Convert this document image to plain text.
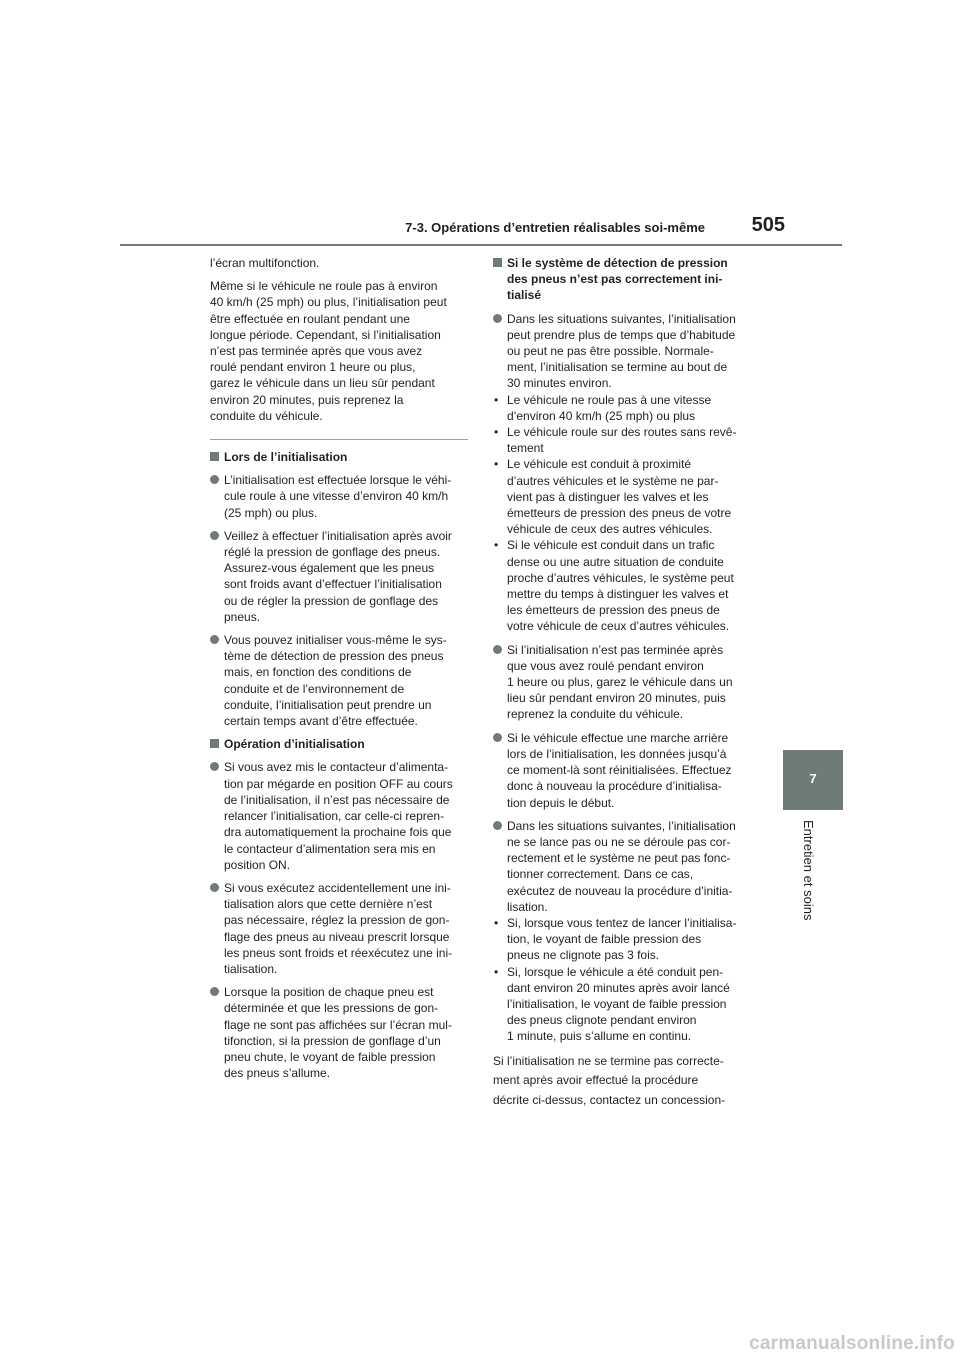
7-3. Opérations d’entretien réalisables soi-même	505
7
Entretien et soins

l’écran multifonction.

Même si le véhicule ne roule pas à environ
40 km/h (25 mph) ou plus, l’initialisation peut
être effectuée en roulant pendant une
longue période. Cependant, si l’initialisation
n’est pas terminée après que vous avez
roulé pendant environ 1 heure ou plus,
garez le véhicule dans un lieu sûr pendant
environ 20 minutes, puis reprenez la
conduite du véhicule.

Lors de l’initialisation
L’initialisation est effectuée lorsque le véhi-
cule roule à une vitesse d’environ 40 km/h
(25 mph) ou plus.
Veillez à effectuer l’initialisation après avoir
réglé la pression de gonflage des pneus.
Assurez-vous également que les pneus
sont froids avant d’effectuer l’initialisation
ou de régler la pression de gonflage des
pneus.
Vous pouvez initialiser vous-même le sys-
tème de détection de pression des pneus
mais, en fonction des conditions de
conduite et de l’environnement de
conduite, l’initialisation peut prendre un
certain temps avant d’être effectuée.
Opération d’initialisation
Si vous avez mis le contacteur d’alimenta-
tion par mégarde en position OFF au cours
de l’initialisation, il n’est pas nécessaire de
relancer l’initialisation, car celle-ci repren-
dra automatiquement la prochaine fois que
le contacteur d’alimentation sera mis en
position ON.
Si vous exécutez accidentellement une ini-
tialisation alors que cette dernière n’est
pas nécessaire, réglez la pression de gon-
flage des pneus au niveau prescrit lorsque
les pneus sont froids et réexécutez une ini-
tialisation.
Lorsque la position de chaque pneu est
déterminée et que les pressions de gon-
flage ne sont pas affichées sur l’écran mul-
tifonction, si la pression de gonflage d’un
pneu chute, le voyant de faible pression
des pneus s’allume.
Si le système de détection de pression
des pneus n’est pas correctement ini-
tialisé
Dans les situations suivantes, l’initialisation
peut prendre plus de temps que d’habitude
ou peut ne pas être possible. Normale-
ment, l’initialisation se termine au bout de
30 minutes environ.
• Le véhicule ne roule pas à une vitesse
d’environ 40 km/h (25 mph) ou plus
• Le véhicule roule sur des routes sans revê-
tement
• Le véhicule est conduit à proximité
d’autres véhicules et le système ne par-
vient pas à distinguer les valves et les
émetteurs de pression des pneus de votre
véhicule de ceux des autres véhicules.
• Si le véhicule est conduit dans un trafic
dense ou une autre situation de conduite
proche d’autres véhicules, le système peut
mettre du temps à distinguer les valves et
les émetteurs de pression des pneus de
votre véhicule de ceux d’autres véhicules.
Si l’initialisation n’est pas terminée après
que vous avez roulé pendant environ
1 heure ou plus, garez le véhicule dans un
lieu sûr pendant environ 20 minutes, puis
reprenez la conduite du véhicule.
Si le véhicule effectue une marche arrière
lors de l’initialisation, les données jusqu’à
ce moment-là sont réinitialisées. Effectuez
donc à nouveau la procédure d’initialisa-
tion depuis le début.
Dans les situations suivantes, l’initialisation
ne se lance pas ou ne se déroule pas cor-
rectement et le système ne peut pas fonc-
tionner correctement. Dans ce cas,
exécutez de nouveau la procédure d’initia-
lisation.
• Si, lorsque vous tentez de lancer l’initialisa-
tion, le voyant de faible pression des
pneus ne clignote pas 3 fois.
• Si, lorsque le véhicule a été conduit pen-
dant environ 20 minutes après avoir lancé
l’initialisation, le voyant de faible pression
des pneus clignote pendant environ
1 minute, puis s’allume en continu.
Si l’initialisation ne se termine pas correcte-
ment après avoir effectué la procédure
décrite ci-dessus, contactez un concession-
carmanualsonline.info
